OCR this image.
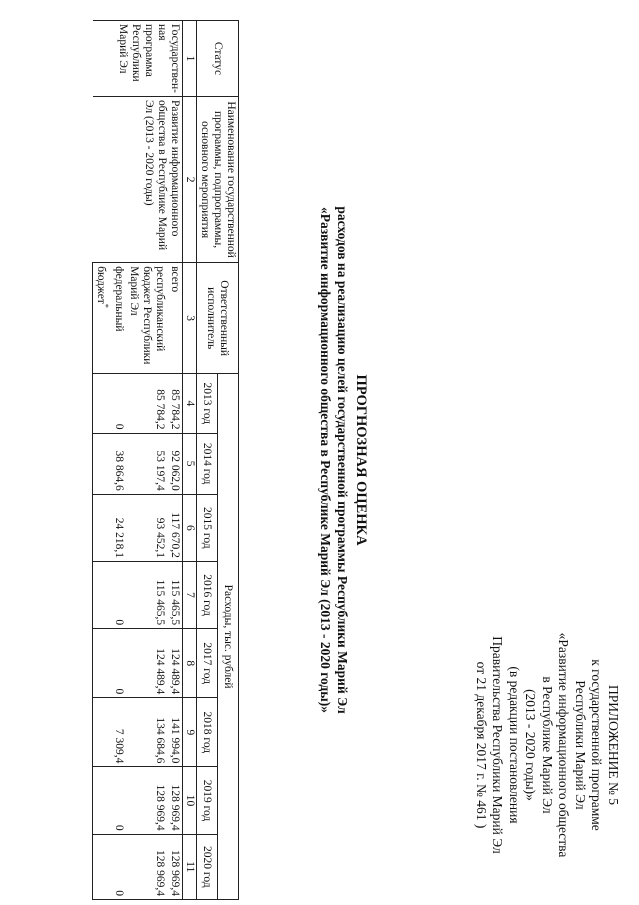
ПРИЛОЖЕНИЕ № 5
к государственной программе
Республики Марий Эл
«Развитие информационного общества
в Республике Марий Эл
(2013 - 2020 годы)»
(в редакции постановления
Правительства Республики Марий Эл
от 21 декабря 2017 г. № 461 )
ПРОГНОЗНАЯ ОЦЕНКА
расходов на реализацию целей государственной программы Республики Марий Эл
«Развитие информационного общества в Республике Марий Эл (2013 - 2020 годы)»
Статус	Наименование государственной программы, подпрограммы, основного мероприятия	Ответственный исполнитель	Расходы, тыс. рублей							
			2013 год	2014 год	2015 год	2016 год	2017 год	2018 год	2019 год	2020 год
1	2	3	4	5	6	7	8	9	10	11
Государствен-ная программа Республики Марий Эл	Развитие информационного общества в Республике Марий Эл (2013 - 2020 годы)	всего	85 784,2	92 062,0	117 670,2	115 465,5	124 489,4	141 994,0	128 969,4	128 969,4
		республиканский бюджет Республики Марий Эл	85 784,2	53 197,4	93 452,1	115 465,5	124 489,4	134 684,6	128 969,4	128 969,4
		федеральный бюджет*	0	38 864,6	24 218,1	0	0	7 309,4	0	0
